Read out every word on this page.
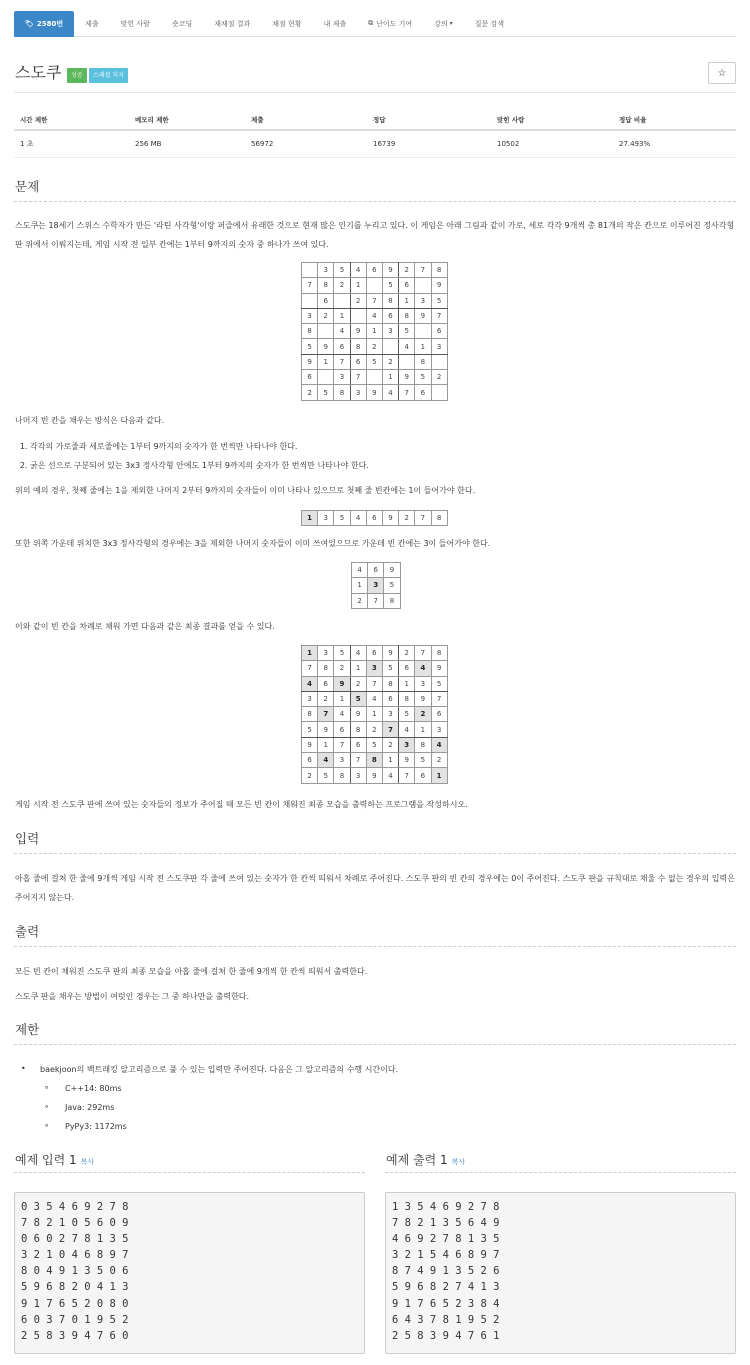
🏷 2580번	제출	맞힌 사람	숏코딩	재채점 결과	채점 현황	내 제출	⧉ 난이도 기여	강의 ▾	질문 검색
스도쿠	성공	스페셜 저지	☆
시간 제한	메모리 제한	제출	정답	맞힌 사람	정답 비율
1 초	256 MB	56972	16739	10502	27.493%
문제
스도쿠는 18세기 스위스 수학자가 만든 '라틴 사각형'이랑 퍼즐에서 유래한 것으로 현재 많은 인기를 누리고 있다. 이 게임은 아래 그림과 같이 가로, 세로 각각 9개씩 총 81개의 작은 칸으로 이루어진 정사각형 판 위에서 이뤄지는데, 게임 시작 전 일부 칸에는 1부터 9까지의 숫자 중 하나가 쓰여 있다.
	3	5	4	6	9	2	7	8
7	8	2	1		5	6		9
	6		2	7	8	1	3	5
3	2	1		4	6	8	9	7
8		4	9	1	3	5		6
5	9	6	8	2		4	1	3
9	1	7	6	5	2		8	
6		3	7		1	9	5	2
2	5	8	3	9	4	7	6	
나머지 빈 칸을 채우는 방식은 다음과 같다.
1. 각각의 가로줄과 세로줄에는 1부터 9까지의 숫자가 한 번씩만 나타나야 한다.
2. 굵은 선으로 구분되어 있는 3x3 정사각형 안에도 1부터 9까지의 숫자가 한 번씩만 나타나야 한다.
위의 예의 경우, 첫째 줄에는 1을 제외한 나머지 2부터 9까지의 숫자들이 이미 나타나 있으므로 첫째 줄 빈칸에는 1이 들어가야 한다.
1	3	5	4	6	9	2	7	8
또한 위쪽 가운데 위치한 3x3 정사각형의 경우에는 3을 제외한 나머지 숫자들이 이미 쓰여있으므로 가운데 빈 칸에는 3이 들어가야 한다.
4	6	9
1	3	5
2	7	8
이와 같이 빈 칸을 차례로 채워 가면 다음과 같은 최종 결과를 얻을 수 있다.
1	3	5	4	6	9	2	7	8
7	8	2	1	3	5	6	4	9
4	6	9	2	7	8	1	3	5
3	2	1	5	4	6	8	9	7
8	7	4	9	1	3	5	2	6
5	9	6	8	2	7	4	1	3
9	1	7	6	5	2	3	8	4
6	4	3	7	8	1	9	5	2
2	5	8	3	9	4	7	6	1
게임 시작 전 스도쿠 판에 쓰여 있는 숫자들의 정보가 주어질 때 모든 빈 칸이 채워진 최종 모습을 출력하는 프로그램을 작성하시오.
입력
아홉 줄에 걸쳐 한 줄에 9개씩 게임 시작 전 스도쿠판 각 줄에 쓰여 있는 숫자가 한 칸씩 띄워서 차례로 주어진다. 스도쿠 판의 빈 칸의 경우에는 0이 주어진다. 스도쿠 판을 규칙대로 채울 수 없는 경우의 입력은 주어지지 않는다.
출력
모든 빈 칸이 채워진 스도쿠 판의 최종 모습을 아홉 줄에 걸쳐 한 줄에 9개씩 한 칸씩 띄워서 출력한다.
스도쿠 판을 채우는 방법이 여럿인 경우는 그 중 하나만을 출력한다.
제한
• baekjoon의 백트래킹 알고리즘으로 풀 수 있는 입력만 주어진다. 다음은 그 알고리즘의 수행 시간이다.
∘ C++14: 80ms
∘ Java: 292ms
∘ PyPy3: 1172ms
예제 입력 1 복사
0 3 5 4 6 9 2 7 8
7 8 2 1 0 5 6 0 9
0 6 0 2 7 8 1 3 5
3 2 1 0 4 6 8 9 7
8 0 4 9 1 3 5 0 6
5 9 6 8 2 0 4 1 3
9 1 7 6 5 2 0 8 0
6 0 3 7 0 1 9 5 2
2 5 8 3 9 4 7 6 0
예제 출력 1 복사
1 3 5 4 6 9 2 7 8
7 8 2 1 3 5 6 4 9
4 6 9 2 7 8 1 3 5
3 2 1 5 4 6 8 9 7
8 7 4 9 1 3 5 2 6
5 9 6 8 2 7 4 1 3
9 1 7 6 5 2 3 8 4
6 4 3 7 8 1 9 5 2
2 5 8 3 9 4 7 6 1
